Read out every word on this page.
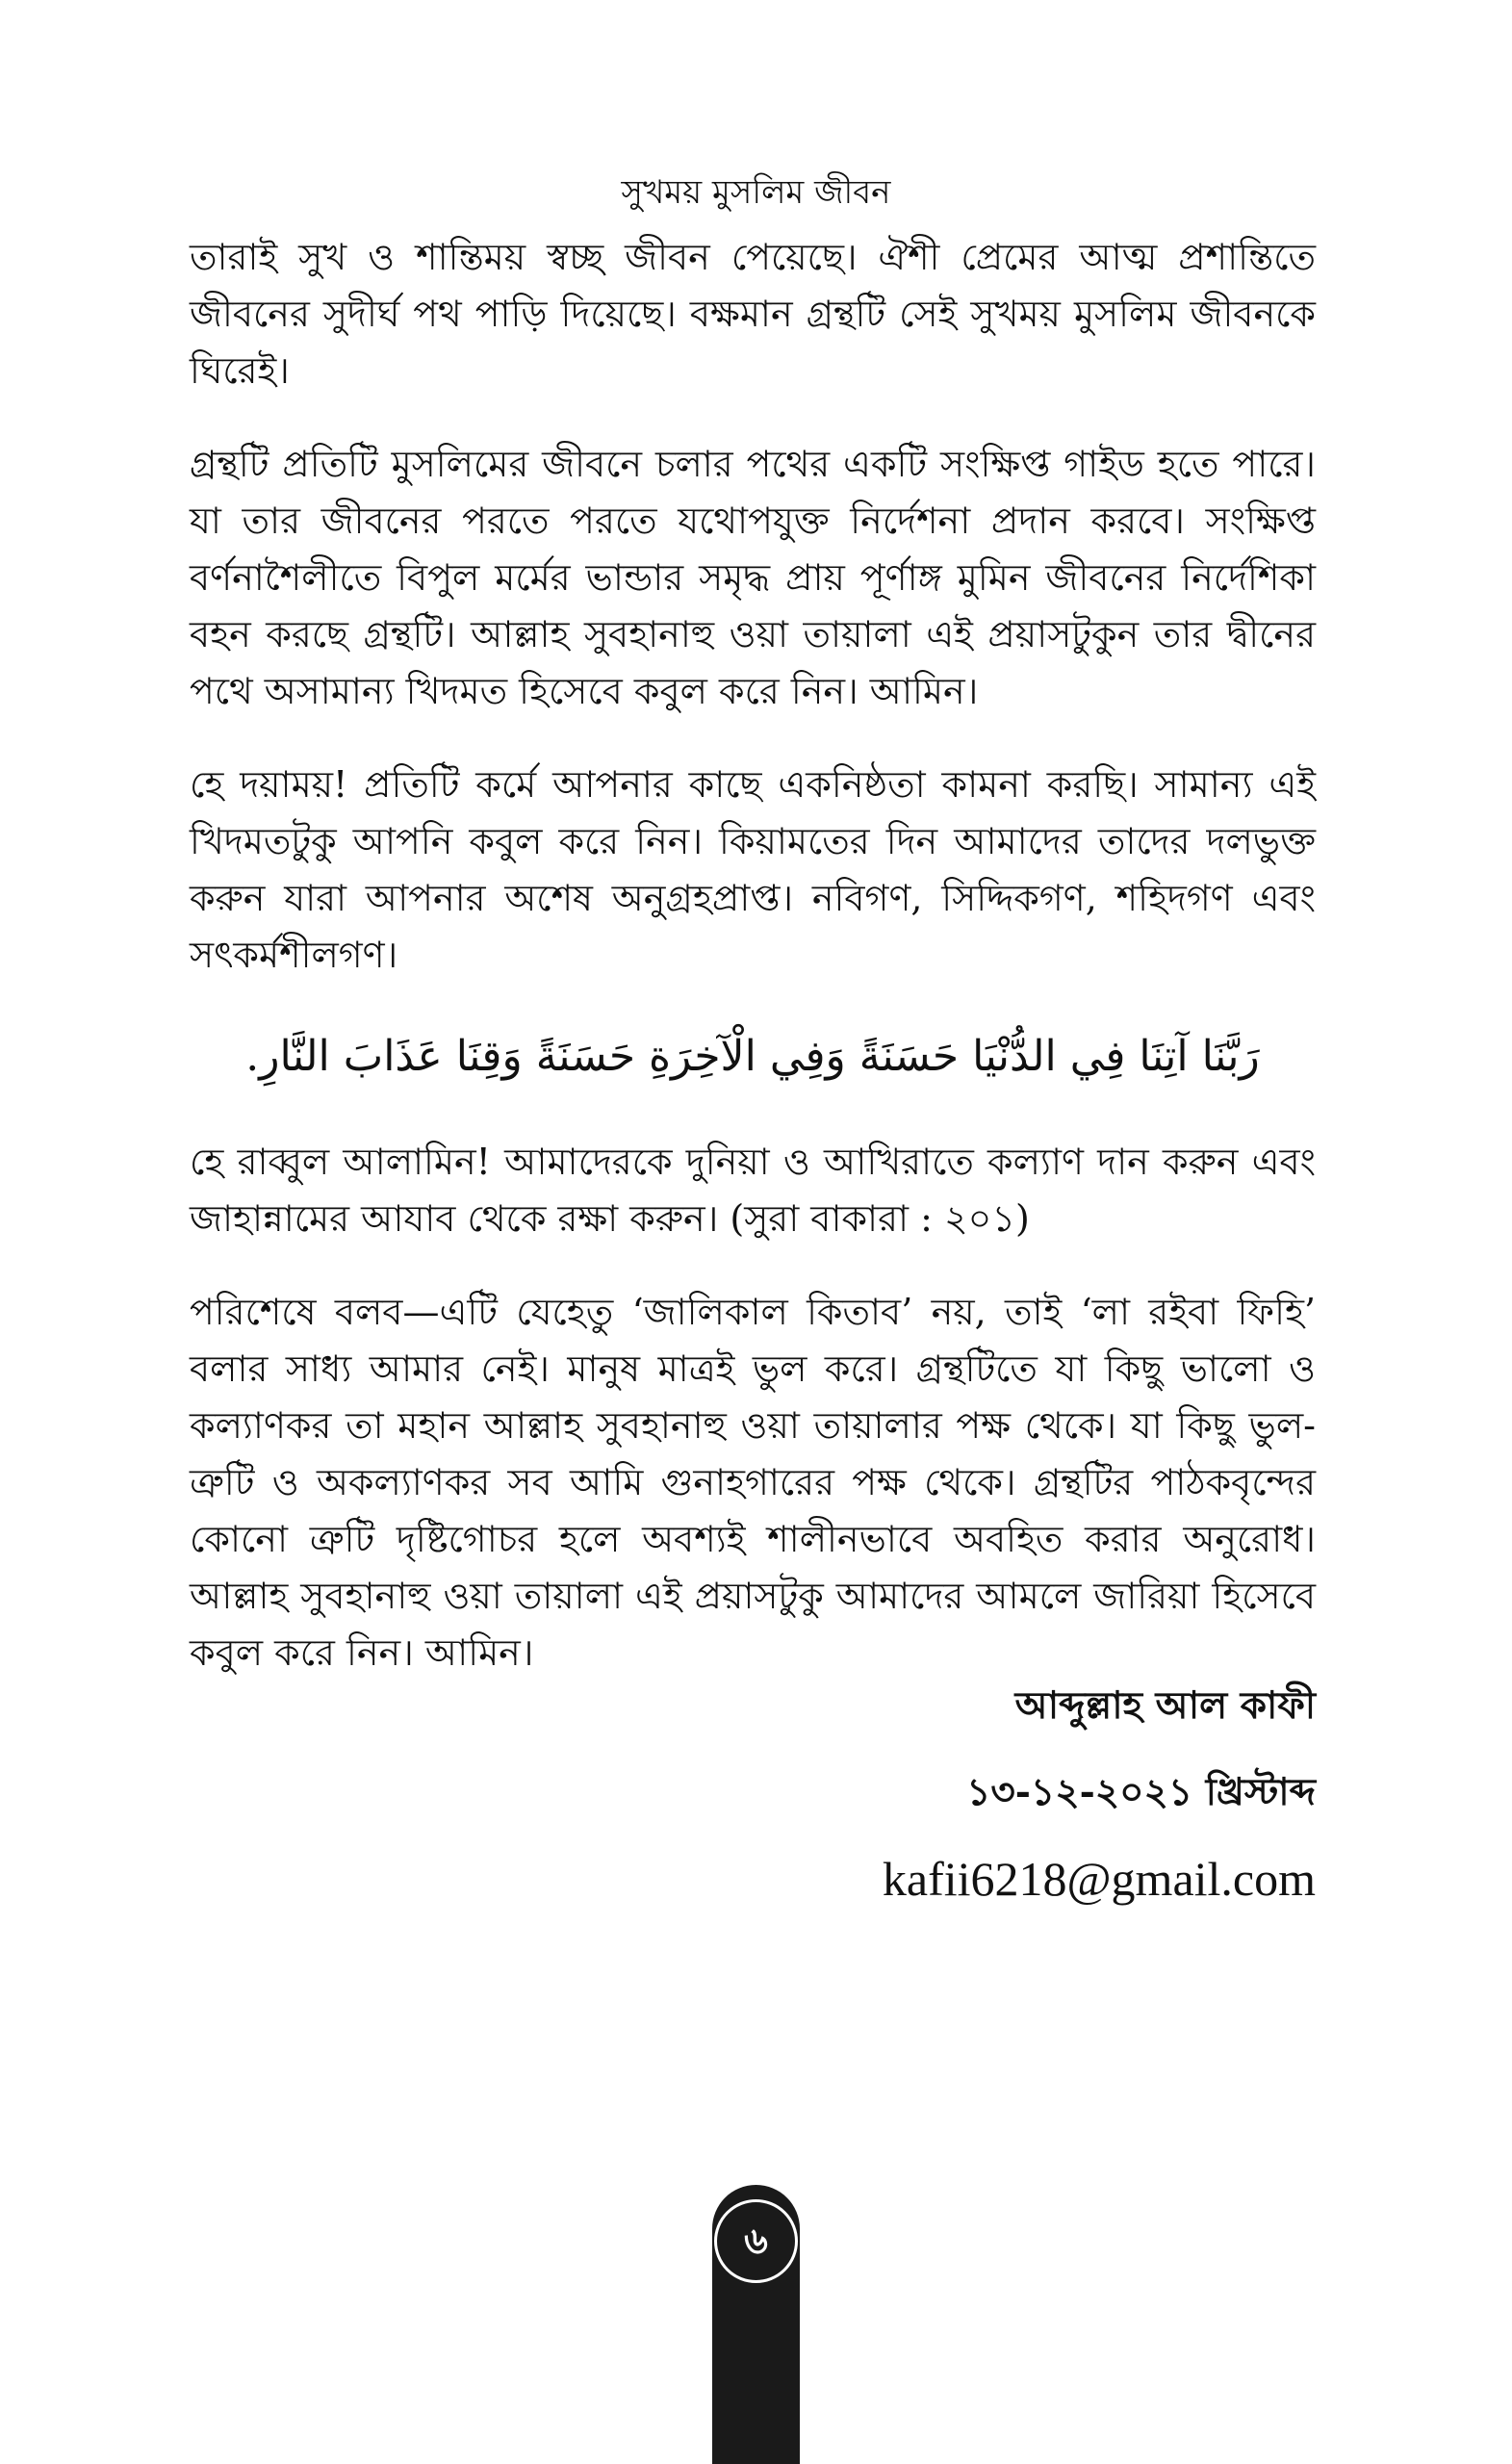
সুখময় মুসলিম জীবন

তারাই সুখ ও শান্তিময় স্বচ্ছ জীবন পেয়েছে। ঐশী প্রেমের আত্ম প্রশান্তিতে জীবনের সুদীর্ঘ পথ পাড়ি দিয়েছে। বক্ষমান গ্রন্থটি সেই সুখময় মুসলিম জীবনকে ঘিরেই।

গ্রন্থটি প্রতিটি মুসলিমের জীবনে চলার পথের একটি সংক্ষিপ্ত গাইড হতে পারে। যা তার জীবনের পরতে পরতে যথোপযুক্ত নির্দেশনা প্রদান করবে। সংক্ষিপ্ত বর্ণনাশৈলীতে বিপুল মর্মের ভান্ডার সমৃদ্ধ প্রায় পূর্ণাঙ্গ মুমিন জীবনের নির্দেশিকা বহন করছে গ্রন্থটি। আল্লাহ সুবহানাহু ওয়া তায়ালা এই প্রয়াসটুকুন তার দ্বীনের পথে অসামান্য খিদমত হিসেবে কবুল করে নিন। আমিন।

হে দয়াময়! প্রতিটি কর্মে আপনার কাছে একনিষ্ঠতা কামনা করছি। সামান্য এই খিদমতটুকু আপনি কবুল করে নিন। কিয়ামতের দিন আমাদের তাদের দলভুক্ত করুন যারা আপনার অশেষ অনুগ্রহপ্রাপ্ত। নবিগণ, সিদ্দিকগণ, শহিদগণ এবং সৎকর্মশীলগণ।

رَبَّنَا آتِنَا فِي الدُّنْيَا حَسَنَةً وَفِي الْآخِرَةِ حَسَنَةً وَقِنَا عَذَابَ النَّارِ.

হে রাব্বুল আলামিন! আমাদেরকে দুনিয়া ও আখিরাতে কল্যাণ দান করুন এবং জাহান্নামের আযাব থেকে রক্ষা করুন। (সুরা বাকারা : ২০১)

পরিশেষে বলব—এটি যেহেতু ‘জালিকাল কিতাব’ নয়, তাই ‘লা রইবা ফিহি’ বলার সাধ্য আমার নেই। মানুষ মাত্রই ভুল করে। গ্রন্থটিতে যা কিছু ভালো ও কল্যাণকর তা মহান আল্লাহ সুবহানাহু ওয়া তায়ালার পক্ষ থেকে। যা কিছু ভুল-ত্রুটি ও অকল্যাণকর সব আমি গুনাহগারের পক্ষ থেকে। গ্রন্থটির পাঠকবৃন্দের কোনো ত্রুটি দৃষ্টিগোচর হলে অবশ্যই শালীনভাবে অবহিত করার অনুরোধ। আল্লাহ সুবহানাহু ওয়া তায়ালা এই প্রয়াসটুকু আমাদের আমলে জারিয়া হিসেবে কবুল করে নিন। আমিন।

আব্দুল্লাহ আল কাফী

১৩-১২-২০২১ খ্রিস্টাব্দ

kafii6218@gmail.com

৬
